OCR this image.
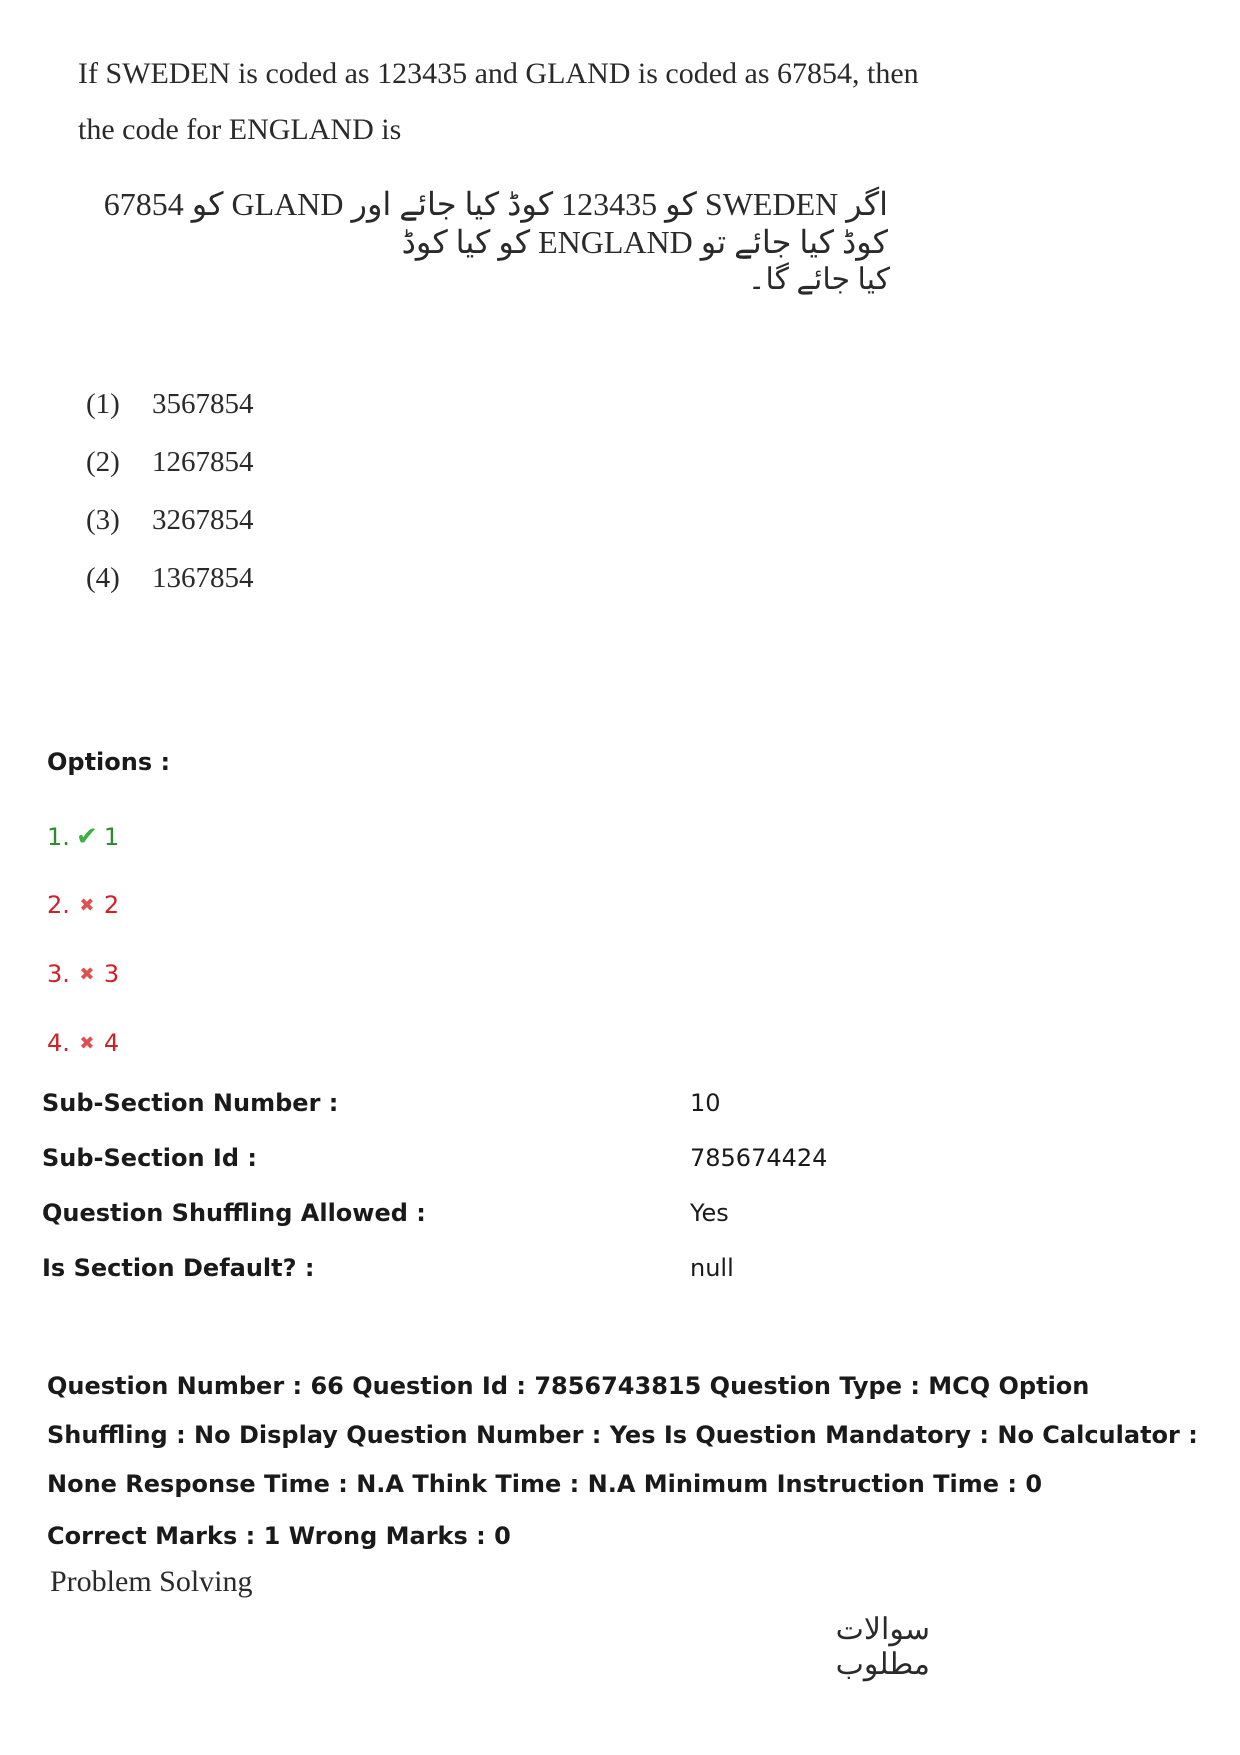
If SWEDEN is coded as 123435 and GLAND is coded as 67854, then the code for ENGLAND is
اگر SWEDEN کو 123435 کوڈ کیا جائے اور GLAND کو 67854 کوڈ کیا جائے تو ENGLAND کو کیا کوڈ
کیا جائے گا۔
(1) 3567854
(2) 1267854
(3) 3267854
(4) 1367854
Options :
1. ✔ 1
2. ✖ 2
3. ✖ 3
4. ✖ 4
Sub-Section Number :	10
Sub-Section Id :	785674424
Question Shuffling Allowed :	Yes
Is Section Default? :	null
Question Number : 66 Question Id : 7856743815 Question Type : MCQ Option Shuffling : No Display Question Number : Yes Is Question Mandatory : No Calculator : None Response Time : N.A Think Time : N.A Minimum Instruction Time : 0
Correct Marks : 1 Wrong Marks : 0
Problem Solving
سوالات مطلوب
